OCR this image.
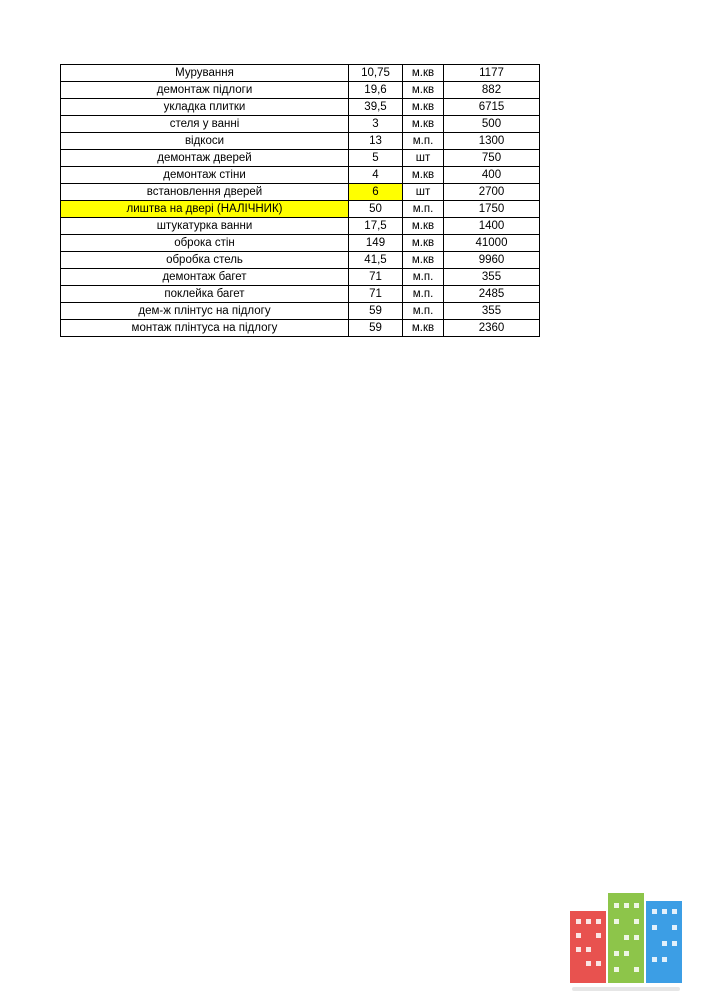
Мурування	10,75	м.кв	1177
демонтаж підлоги	19,6	м.кв	882
укладка плитки	39,5	м.кв	6715
стеля у ванні	3	м.кв	500
відкоси	13	м.п.	1300
демонтаж дверей	5	шт	750
демонтаж стіни	4	м.кв	400
встановлення дверей	6	шт	2700
лиштва на двері (НАЛІЧНИК)	50	м.п.	1750
штукатурка ванни	17,5	м.кв	1400
оброка стін	149	м.кв	41000
обробка стель	41,5	м.кв	9960
демонтаж багет	71	м.п.	355
поклейка багет	71	м.п.	2485
дем-ж плінтус на підлогу	59	м.п.	355
монтаж плінтуса на підлогу	59	м.кв	2360
